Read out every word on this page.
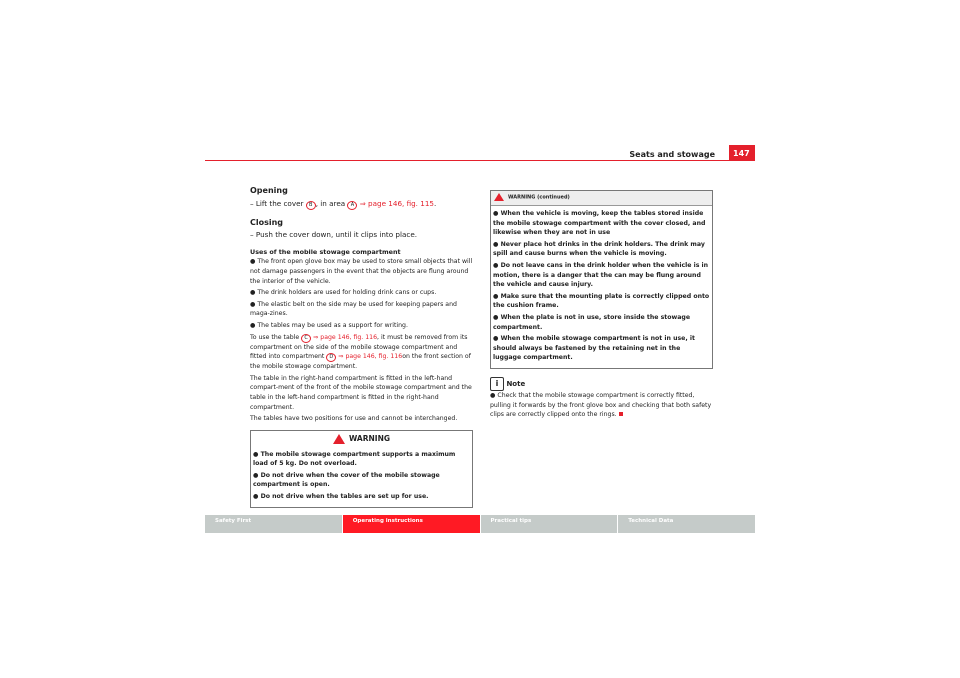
Seats and stowage	147
Opening
– Lift the cover B , in area A ⇒ page 146, fig. 115.
Closing
– Push the cover down, until it clips into place.
Uses of the mobile stowage compartment

● The front open glove box may be used to store small objects that will not damage passengers in the event that the objects are flung around the interior of the vehicle.

● The drink holders are used for holding drink cans or cups.

● The elastic belt on the side may be used for keeping papers and maga-zines.

● The tables may be used as a support for writing.

To use the table C ⇒ page 146, fig. 116, it must be removed from its compartment on the side of the mobile stowage compartment and fitted into compartment D ⇒ page 146, fig. 116on the front section of the mobile stowage compartment.

The table in the right-hand compartment is fitted in the left-hand compart-ment of the front of the mobile stowage compartment and the table in the left-hand compartment is fitted in the right-hand compartment.

The tables have two positions for use and cannot be interchanged.

WARNING

● The mobile stowage compartment supports a maximum load of 5 kg. Do not overload.

● Do not drive when the cover of the mobile stowage compartment is open.

● Do not drive when the tables are set up for use.

WARNING (continued)

● When the vehicle is moving, keep the tables stored inside the mobile stowage compartment with the cover closed, and likewise when they are not in use

● Never place hot drinks in the drink holders. The drink may spill and cause burns when the vehicle is moving.

● Do not leave cans in the drink holder when the vehicle is in motion, there is a danger that the can may be flung around the vehicle and cause injury.

● Make sure that the mounting plate is correctly clipped onto the cushion frame.

● When the plate is not in use, store inside the stowage compartment.

● When the mobile stowage compartment is not in use, it should always be fastened by the retaining net in the luggage compartment.

i Note

● Check that the mobile stowage compartment is correctly fitted, pulling it forwards by the front glove box and checking that both safety clips are correctly clipped onto the rings.

Safety First	Operating instructions	Practical tips	Technical Data
